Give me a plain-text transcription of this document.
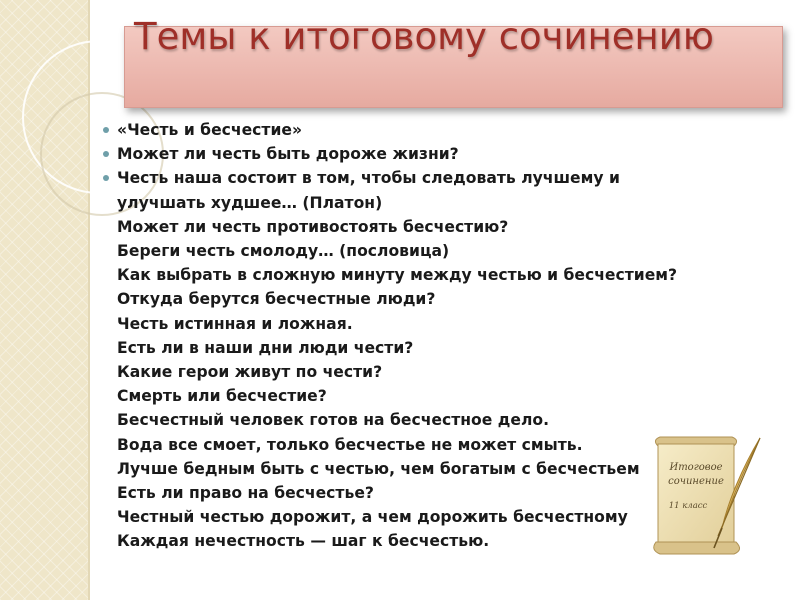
Темы к итоговому сочинению
«Честь и бесчестие»
Может ли честь быть дороже жизни?
Честь наша состоит в том, чтобы следовать лучшему и
улучшать худшее… (Платон)
Может ли честь противостоять бесчестию?
Береги честь смолоду… (пословица)
Как выбрать в сложную минуту между честью и бесчестием?
Откуда берутся бесчестные люди?
Честь истинная и ложная.
Есть ли в наши дни люди чести?
Какие герои живут по чести?
Смерть или бесчестие?
Бесчестный человек готов на бесчестное дело.
Вода все смоет, только бесчестье не может смыть.
Лучше бедным быть с честью, чем богатым с бесчестьем
Есть ли право на бесчестье?
Честный честью дорожит, а чем дорожить бесчестному
Каждая нечестность — шаг к бесчестью.
Итоговое
сочинение
11 класс
